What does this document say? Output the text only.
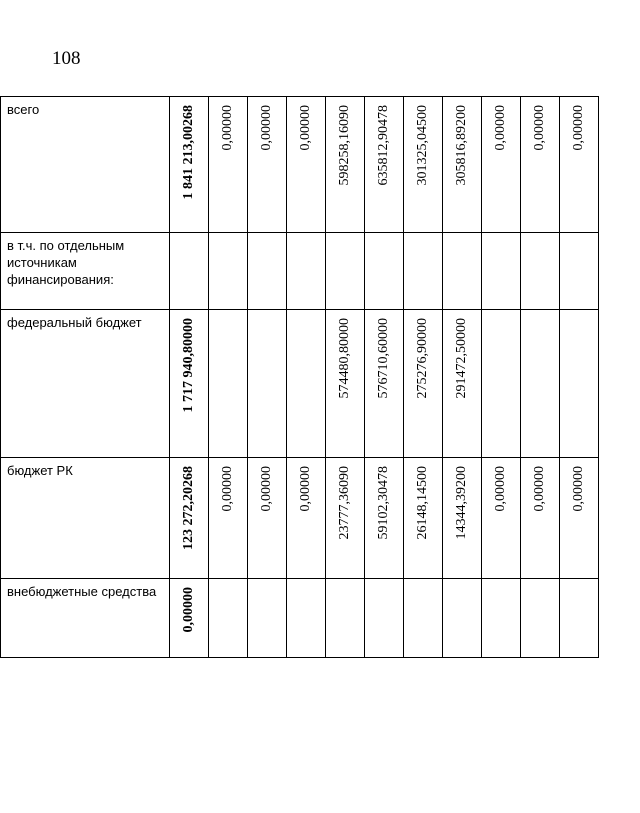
108
всего	1 841 213,00268	0,00000	0,00000	0,00000	598258,16090	635812,90478	301325,04500	305816,89200	0,00000	0,00000	0,00000

в т.ч. по отдельным источникам финансирования:											

федеральный бюджет	1 717 940,80000				574480,80000	576710,60000	275276,90000	291472,50000			

бюджет РК	123 272,20268	0,00000	0,00000	0,00000	23777,36090	59102,30478	26148,14500	14344,39200	0,00000	0,00000	0,00000

внебюджетные средства	0,00000										
